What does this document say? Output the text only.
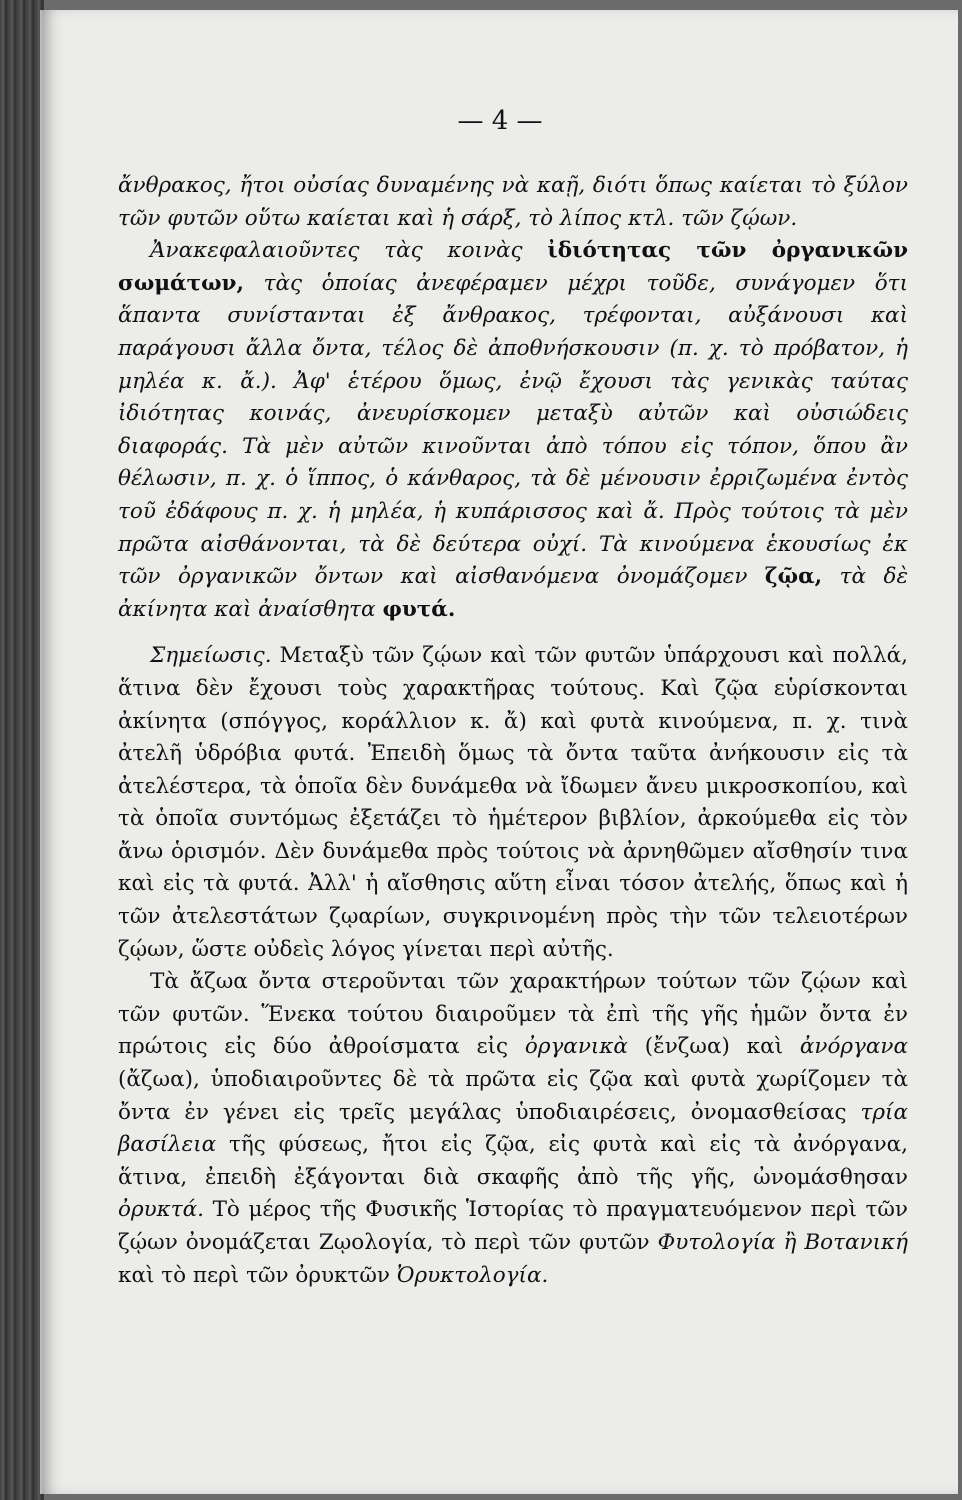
— 4 —

ἄνθρακος, ἤτοι οὐσίας δυναμένης νὰ καῇ, διότι ὅπως καίεται τὸ ξύλον τῶν φυτῶν οὕτω καίεται καὶ ἡ σάρξ, τὸ λίπος κτλ. τῶν ζῴων.

Ἀνακεφαλαιοῦντες τὰς κοινὰς ἰδιότητας τῶν ὀργανικῶν σωμάτων, τὰς ὁποίας ἀνεφέραμεν μέχρι τοῦδε, συνάγομεν ὅτι ἅπαντα συνίστανται ἐξ ἄνθρακος, τρέφονται, αὐξάνουσι καὶ παράγουσι ἄλλα ὄντα, τέλος δὲ ἀποθνήσκουσιν (π. χ. τὸ πρόβατον, ἡ μηλέα κ. ἄ.). Ἀφ' ἑτέρου ὅμως, ἐνῷ ἔχουσι τὰς γενικὰς ταύτας ἰδιότητας κοινάς, ἀνευρίσκομεν μεταξὺ αὐτῶν καὶ οὐσιώδεις διαφοράς. Τὰ μὲν αὐτῶν κινοῦνται ἀπὸ τόπου εἰς τόπον, ὅπου ἂν θέλωσιν, π. χ. ὁ ἵππος, ὁ κάνθαρος, τὰ δὲ μένουσιν ἐρριζωμένα ἐντὸς τοῦ ἐδάφους π. χ. ἡ μηλέα, ἡ κυπάρισσος καὶ ἄ. Πρὸς τούτοις τὰ μὲν πρῶτα αἰσθάνονται, τὰ δὲ δεύτερα οὐχί. Τὰ κινούμενα ἑκουσίως ἐκ τῶν ὀργανικῶν ὄντων καὶ αἰσθανόμενα ὀνομάζομεν ζῷα, τὰ δὲ ἀκίνητα καὶ ἀναίσθητα φυτά.

Σημείωσις. Μεταξὺ τῶν ζῴων καὶ τῶν φυτῶν ὑπάρχουσι καὶ πολλά, ἅτινα δὲν ἔχουσι τοὺς χαρακτῆρας τούτους. Καὶ ζῷα εὑρίσκονται ἀκίνητα (σπόγγος, κοράλλιον κ. ἄ) καὶ φυτὰ κινούμενα, π. χ. τινὰ ἀτελῆ ὑδρόβια φυτά. Ἐπειδὴ ὅμως τὰ ὄντα ταῦτα ἀνήκουσιν εἰς τὰ ἀτελέστερα, τὰ ὁποῖα δὲν δυνάμεθα νὰ ἴδωμεν ἄνευ μικροσκοπίου, καὶ τὰ ὁποῖα συντόμως ἐξετάζει τὸ ἡμέτερον βιβλίον, ἀρκούμεθα εἰς τὸν ἄνω ὁρισμόν. Δὲν δυνάμεθα πρὸς τούτοις νὰ ἀρνηθῶμεν αἴσθησίν τινα καὶ εἰς τὰ φυτά. Ἀλλ' ἡ αἴσθησις αὕτη εἶναι τόσον ἀτελής, ὅπως καὶ ἡ τῶν ἀτελεστάτων ζῳαρίων, συγκρινομένη πρὸς τὴν τῶν τελειοτέρων ζῴων, ὥστε οὐδεὶς λόγος γίνεται περὶ αὐτῆς.

Τὰ ἄζωα ὄντα στεροῦνται τῶν χαρακτήρων τούτων τῶν ζῴων καὶ τῶν φυτῶν. Ἕνεκα τούτου διαιροῦμεν τὰ ἐπὶ τῆς γῆς ἡμῶν ὄντα ἐν πρώτοις εἰς δύο ἀθροίσματα εἰς ὀργανικὰ (ἔνζωα) καὶ ἀνόργανα (ἄζωα), ὑποδιαιροῦντες δὲ τὰ πρῶτα εἰς ζῷα καὶ φυτὰ χωρίζομεν τὰ ὄντα ἐν γένει εἰς τρεῖς μεγάλας ὑποδιαιρέσεις, ὀνομασθείσας τρία βασίλεια τῆς φύσεως, ἤτοι εἰς ζῷα, εἰς φυτὰ καὶ εἰς τὰ ἀνόργανα, ἅτινα, ἐπειδὴ ἐξάγονται διὰ σκαφῆς ἀπὸ τῆς γῆς, ὠνομάσθησαν ὀρυκτά. Τὸ μέρος τῆς Φυσικῆς Ἱστορίας τὸ πραγματευόμενον περὶ τῶν ζῴων ὀνομάζεται Ζῳολογία, τὸ περὶ τῶν φυτῶν Φυτολογία ἢ Βοτανική καὶ τὸ περὶ τῶν ὀρυκτῶν Ὀρυκτολογία.
